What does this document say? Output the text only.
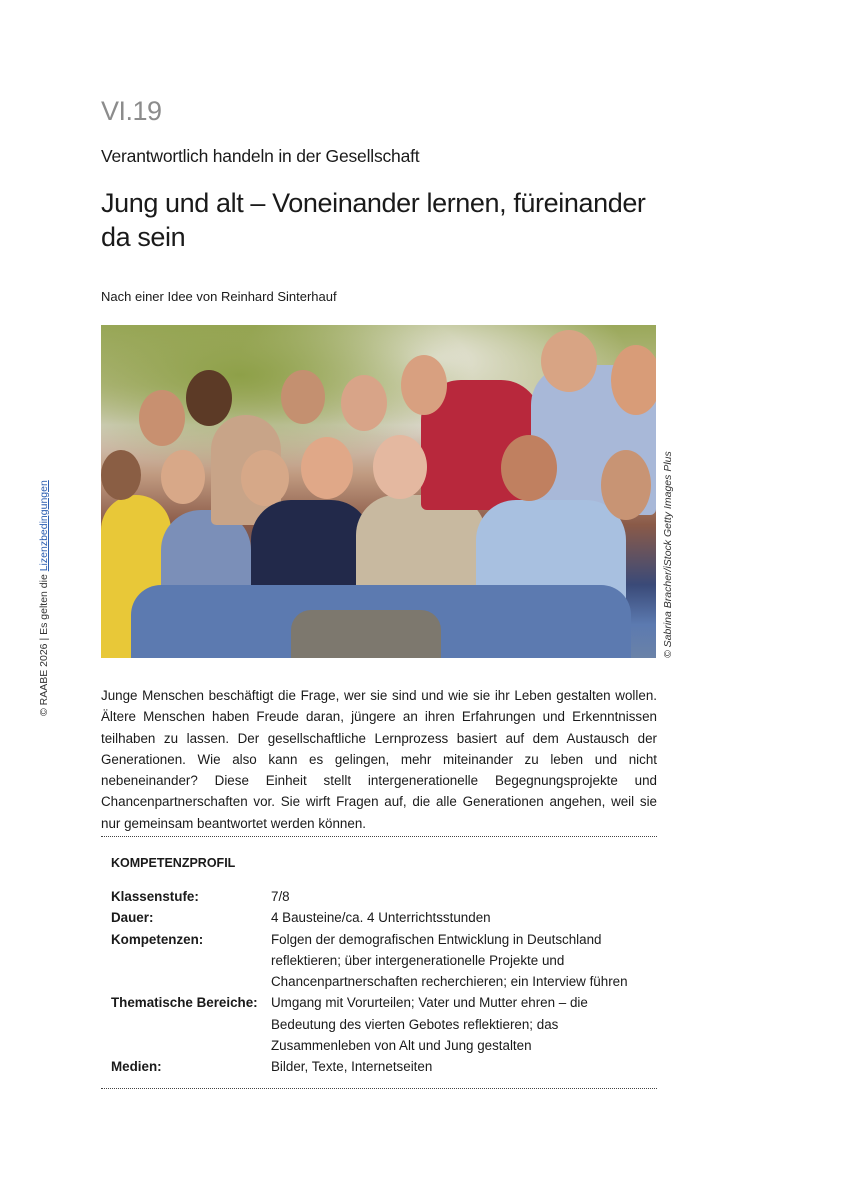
VI.19
Verantwortlich handeln in der Gesellschaft
Jung und alt – Voneinander lernen, füreinander da sein
Nach einer Idee von Reinhard Sinterhauf
© Sabrina Bracher/iStock Getty Images Plus
© RAABE 2026 | Es gelten die Lizenzbedingungen

Junge Menschen beschäftigt die Frage, wer sie sind und wie sie ihr Leben gestalten wollen. Ältere Menschen haben Freude daran, jüngere an ihren Erfahrungen und Erkenntnissen teilhaben zu lassen. Der gesellschaftliche Lernprozess basiert auf dem Austausch der Generationen. Wie also kann es gelingen, mehr miteinander zu leben und nicht nebeneinander? Diese Einheit stellt intergenerationelle Begegnungsprojekte und Chancenpartnerschaften vor. Sie wirft Fragen auf, die alle Generationen angehen, weil sie nur gemeinsam beantwortet werden können.

KOMPETENZPROFIL
Klassenstufe:	7/8
Dauer:	4 Bausteine/ca. 4 Unterrichtsstunden
Kompetenzen:	Folgen der demografischen Entwicklung in Deutschland reflektieren; über intergenerationelle Projekte und Chancenpartnerschaften recherchieren; ein Interview führen
Thematische Bereiche:	Umgang mit Vorurteilen; Vater und Mutter ehren – die Bedeutung des vierten Gebotes reflektieren; das Zusammenleben von Alt und Jung gestalten
Medien:	Bilder, Texte, Internetseiten
